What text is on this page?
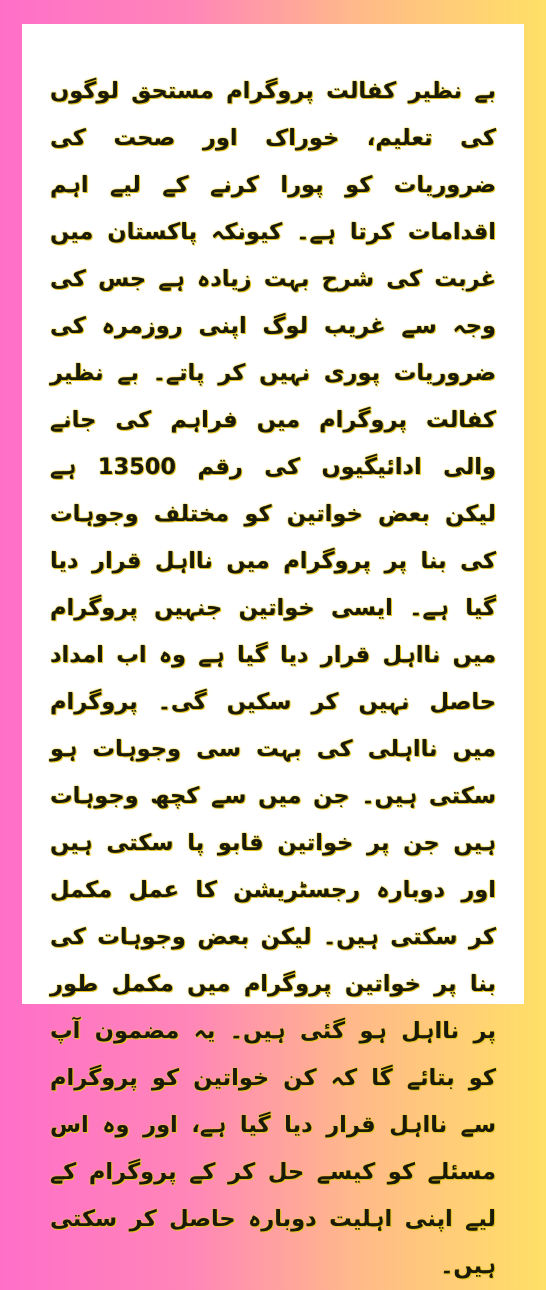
بے نظیر کفالت پروگرام مستحق لوگوں کی تعلیم، خوراک اور صحت کی ضروریات کو پورا کرنے کے لیے اہم اقدامات کرتا ہے۔ کیونکہ پاکستان میں غربت کی شرح بہت زیادہ ہے جس کی وجہ سے غریب لوگ اپنی روزمرہ کی ضروریات پوری نہیں کر پاتے۔ بے نظیر کفالت پروگرام میں فراہم کی جانے والی ادائیگیوں کی رقم 13500 ہے لیکن بعض خواتین کو مختلف وجوہات کی بنا پر پروگرام میں نااہل قرار دیا گیا ہے۔ ایسی خواتین جنہیں پروگرام میں نااہل قرار دیا گیا ہے وہ اب امداد حاصل نہیں کر سکیں گی۔ پروگرام میں نااہلی کی بہت سی وجوہات ہو سکتی ہیں۔ جن میں سے کچھ وجوہات ہیں جن پر خواتین قابو پا سکتی ہیں اور دوبارہ رجسٹریشن کا عمل مکمل کر سکتی ہیں۔ لیکن بعض وجوہات کی بنا پر خواتین پروگرام میں مکمل طور پر نااہل ہو گئی ہیں۔ یہ مضمون آپ کو بتائے گا کہ کن خواتین کو پروگرام سے نااہل قرار دیا گیا ہے، اور وہ اس مسئلے کو کیسے حل کر کے پروگرام کے لیے اپنی اہلیت دوبارہ حاصل کر سکتی ہیں۔
